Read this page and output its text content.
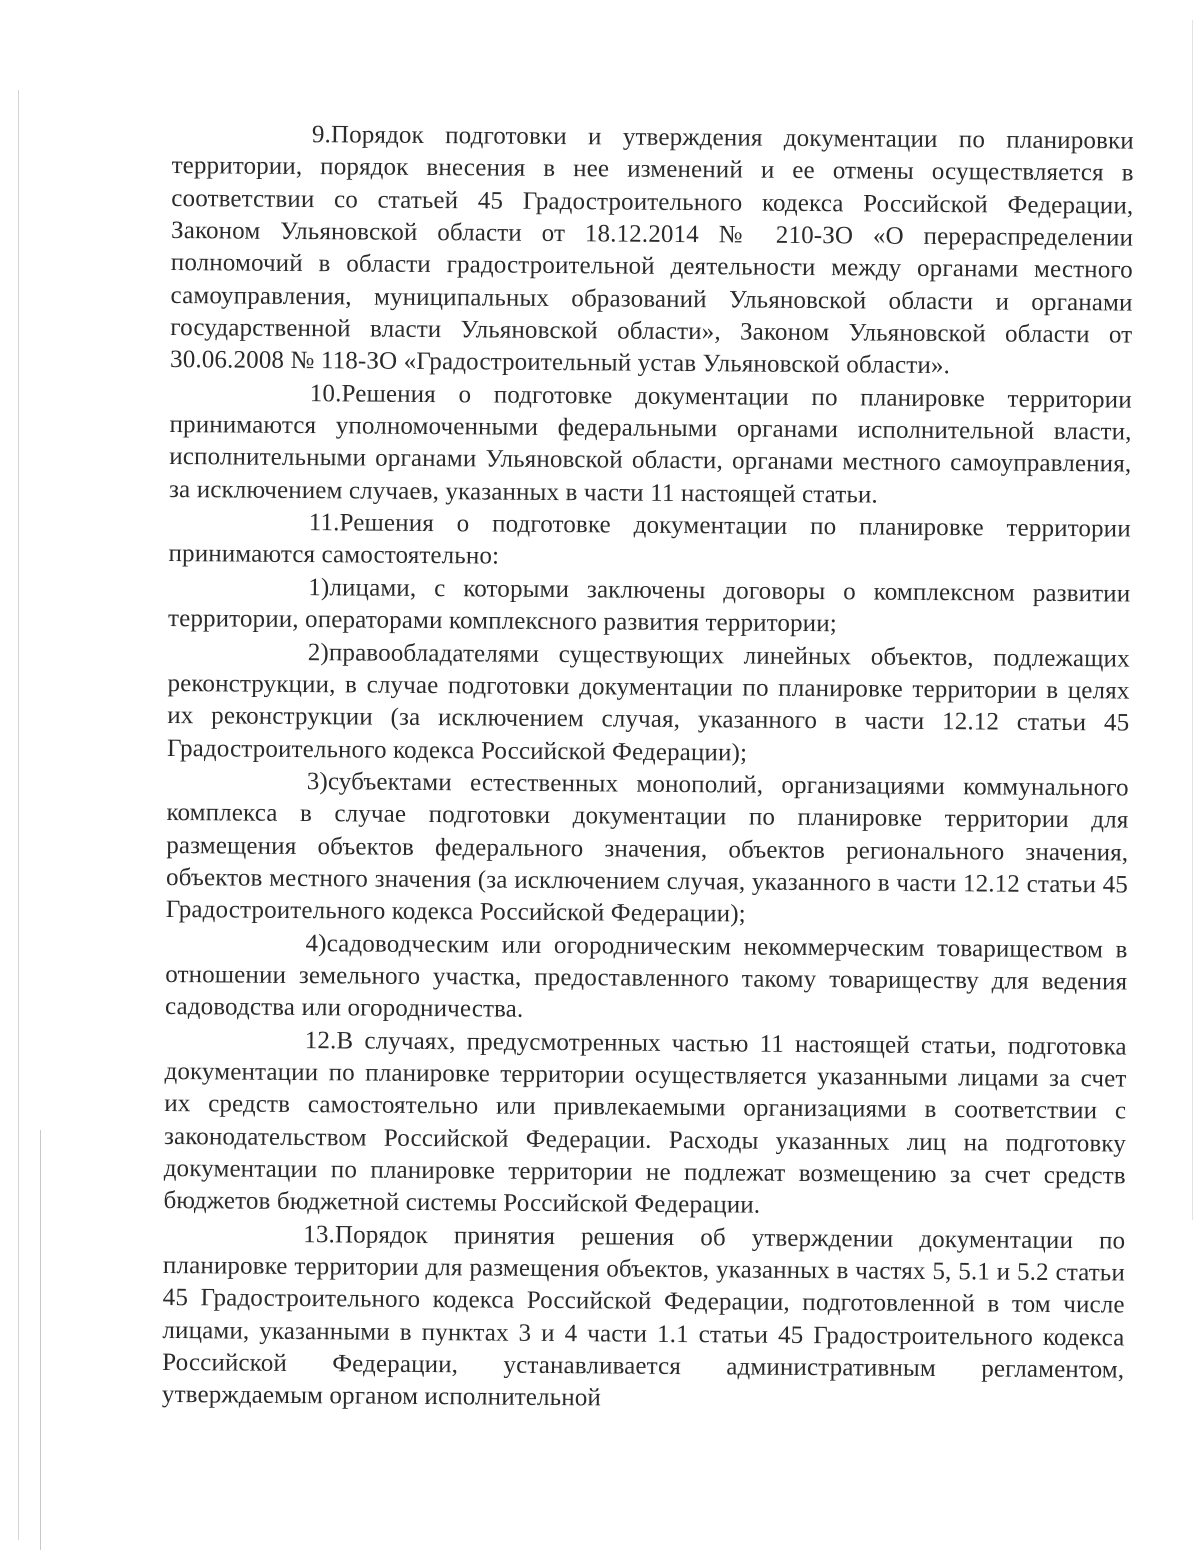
9.Порядок подготовки и утверждения документации по планировки территории, порядок внесения в нее изменений и ее отмены осуществляется в соответствии со статьей 45 Градостроительного кодекса Российской Федерации, Законом Ульяновской области от 18.12.2014 № 210-ЗО «О перераспределении полномочий в области градостроительной деятельности между органами местного самоуправления, муниципальных образований Ульяновской области и органами государственной власти Ульяновской области», Законом Ульяновской области от 30.06.2008 № 118-ЗО «Градостроительный устав Ульяновской области».

10.Решения о подготовке документации по планировке территории принимаются уполномоченными федеральными органами исполнительной власти, исполнительными органами Ульяновской области, органами местного самоуправления, за исключением случаев, указанных в части 11 настоящей статьи.

11.Решения о подготовке документации по планировке территории принимаются самостоятельно:

1)лицами, с которыми заключены договоры о комплексном развитии территории, операторами комплексного развития территории;

2)правообладателями существующих линейных объектов, подлежащих реконструкции, в случае подготовки документации по планировке территории в целях их реконструкции (за исключением случая, указанного в части 12.12 статьи 45 Градостроительного кодекса Российской Федерации);

3)субъектами естественных монополий, организациями коммунального комплекса в случае подготовки документации по планировке территории для размещения объектов федерального значения, объектов регионального значения, объектов местного значения (за исключением случая, указанного в части 12.12 статьи 45 Градостроительного кодекса Российской Федерации);

4)садоводческим или огородническим некоммерческим товариществом в отношении земельного участка, предоставленного такому товариществу для ведения садоводства или огородничества.

12.В случаях, предусмотренных частью 11 настоящей статьи, подготовка документации по планировке территории осуществляется указанными лицами за счет их средств самостоятельно или привлекаемыми организациями в соответствии с законодательством Российской Федерации. Расходы указанных лиц на подготовку документации по планировке территории не подлежат возмещению за счет средств бюджетов бюджетной системы Российской Федерации.

13.Порядок принятия решения об утверждении документации по планировке территории для размещения объектов, указанных в частях 5, 5.1 и 5.2 статьи 45 Градостроительного кодекса Российской Федерации, подготовленной в том числе лицами, указанными в пунктах 3 и 4 части 1.1 статьи 45 Градостроительного кодекса Российской Федерации, устанавливается административным регламентом, утверждаемым органом исполнительной
